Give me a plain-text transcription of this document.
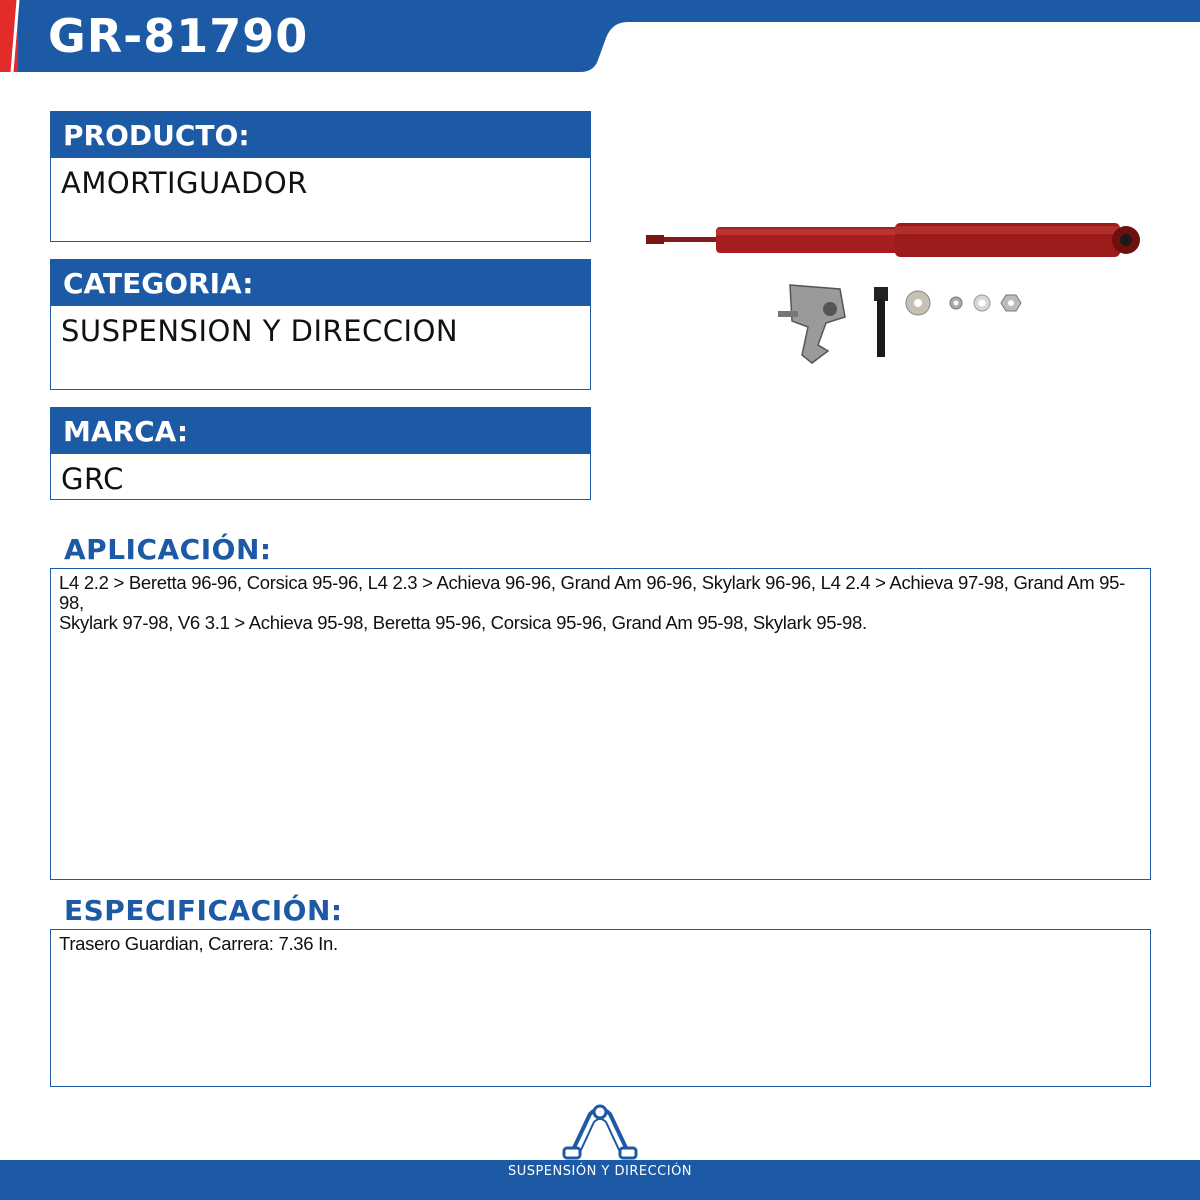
GR-81790
PRODUCTO:
AMORTIGUADOR
CATEGORIA:
SUSPENSION Y DIRECCION
MARCA:
GRC
APLICACIÓN:
L4 2.2 > Beretta 96-96, Corsica 95-96, L4 2.3 > Achieva 96-96, Grand Am 96-96, Skylark 96-96, L4 2.4 > Achieva 97-98, Grand Am 95-98,
Skylark 97-98, V6 3.1 > Achieva 95-98, Beretta 95-96, Corsica 95-96, Grand Am 95-98, Skylark 95-98.
ESPECIFICACIÓN:
Trasero Guardian, Carrera: 7.36 In.
SUSPENSIÓN Y DIRECCIÓN
